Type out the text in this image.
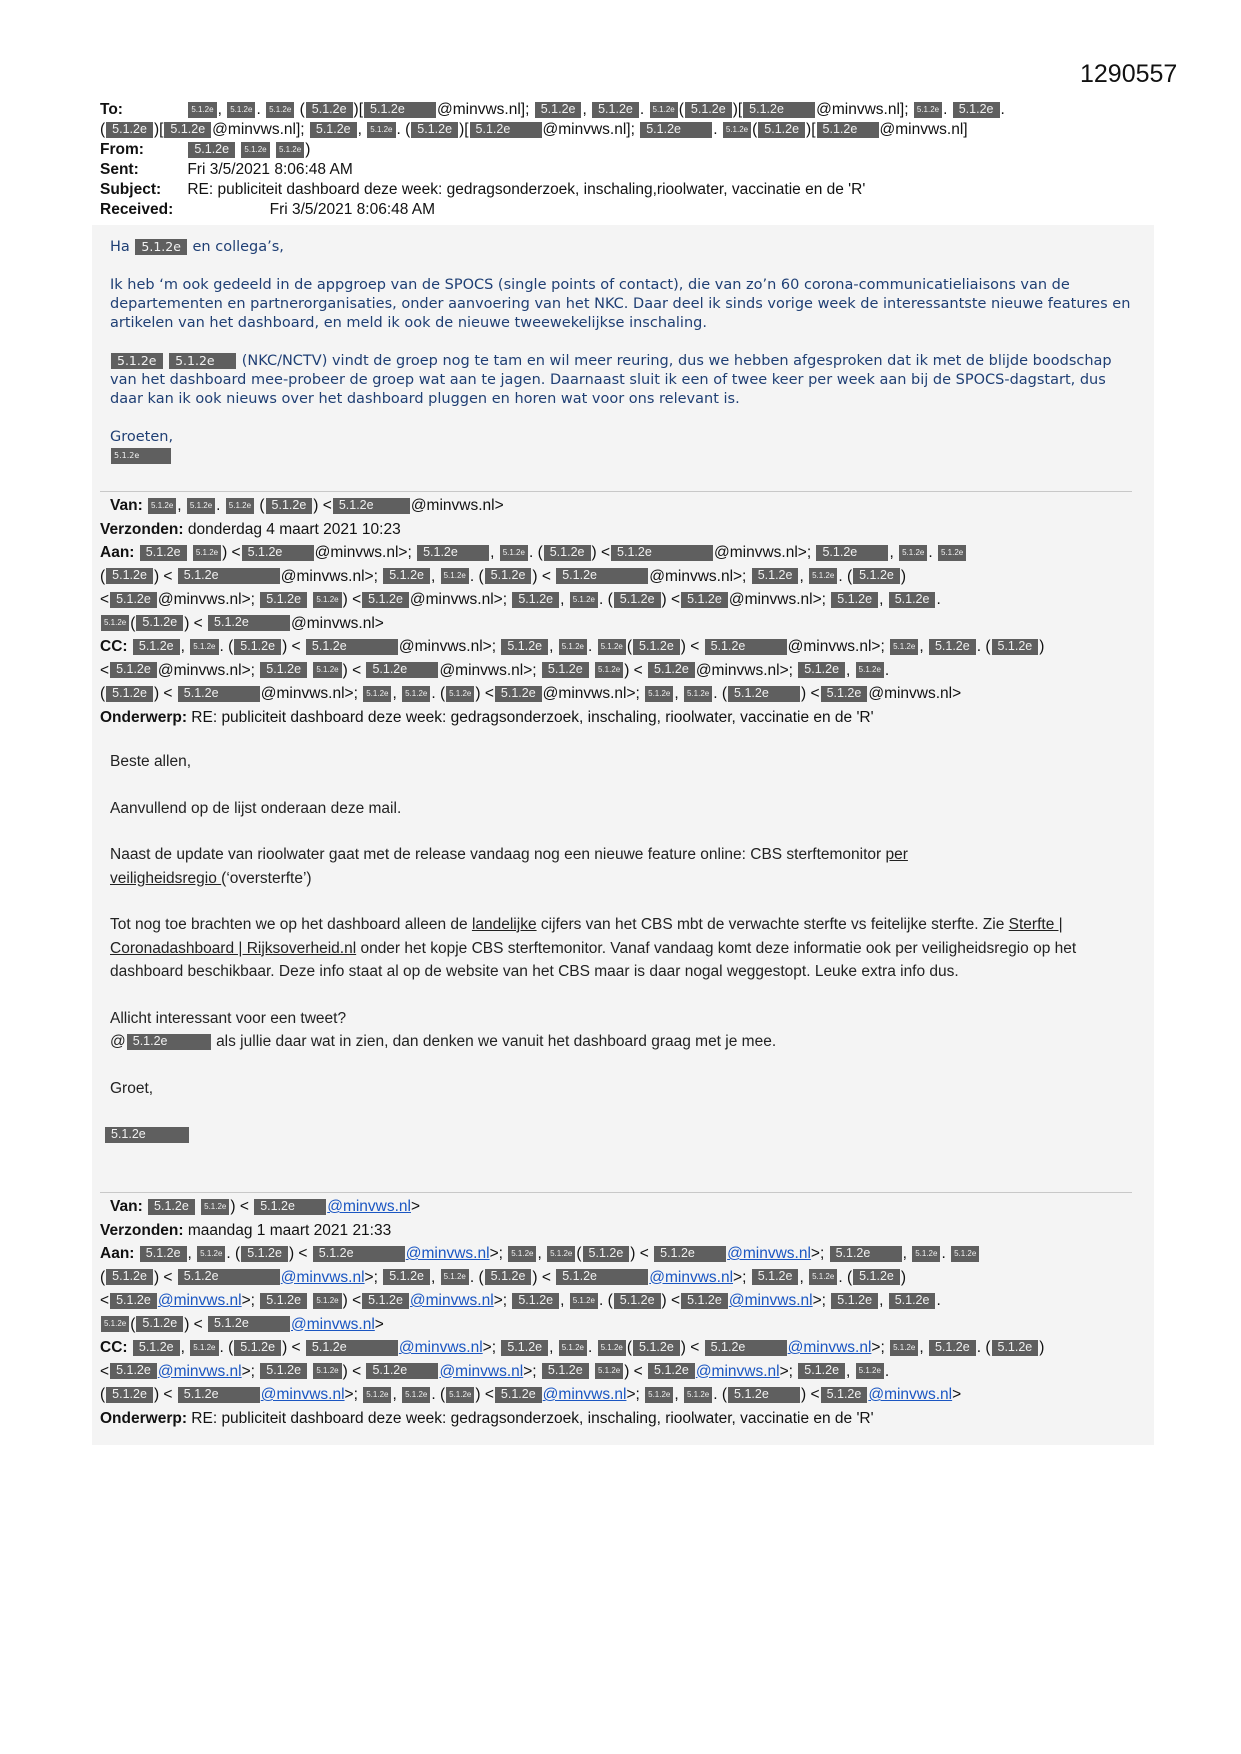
1290557
To:	5.1.2e , 5.1.2e . 5.1.2e ( 5.1.2e )[ 5.1.2e @minvws.nl]; 5.1.2e , 5.1.2e . 5.1.2e ( 5.1.2e )[ 5.1.2e @minvws.nl]; 5.1.2e . 5.1.2e .
( 5.1.2e )[ 5.1.2e @minvws.nl]; 5.1.2e , 5.1.2e . ( 5.1.2e )[ 5.1.2e @minvws.nl]; 5.1.2e . 5.1.2e ( 5.1.2e )[ 5.1.2e @minvws.nl]
From:	5.1.2e 5.1.2e 5.1.2e )
Sent:	Fri 3/5/2021 8:06:48 AM
Subject: RE: publiciteit dashboard deze week: gedragsonderzoek, inschaling,rioolwater, vaccinatie en de 'R'
Received:	Fri 3/5/2021 8:06:48 AM

Ha 5.1.2e en collega’s,

Ik heb ‘m ook gedeeld in de appgroep van de SPOCS (single points of contact), die van zo’n 60 corona-communicatieliaisons van de departementen en partnerorganisaties, onder aanvoering van het NKC. Daar deel ik sinds vorige week de interessantste nieuwe features en artikelen van het dashboard, en meld ik ook de nieuwe tweewekelijkse inschaling.

5.1.2e 5.1.2e (NKC/NCTV) vindt de groep nog te tam en wil meer reuring, dus we hebben afgesproken dat ik met de blijde boodschap van het dashboard mee-probeer de groep wat aan te jagen. Daarnaast sluit ik een of twee keer per week aan bij de SPOCS-dagstart, dus daar kan ik ook nieuws over het dashboard pluggen en horen wat voor ons relevant is.

Groeten,

5.1.2e
Van: 5.1.2e , 5.1.2e . 5.1.2e ( 5.1.2e ) < 5.1.2e @minvws.nl>
Verzonden: donderdag 4 maart 2021 10:23
Aan: 5.1.2e 5.1.2e ) < 5.1.2e @minvws.nl>; 5.1.2e , 5.1.2e . ( 5.1.2e ) < 5.1.2e	@minvws.nl>; 5.1.2e , 5.1.2e . 5.1.2e
( 5.1.2e ) < 5.1.2e	@minvws.nl>; 5.1.2e , 5.1.2e . ( 5.1.2e ) < 5.1.2e	@minvws.nl>; 5.1.2e , 5.1.2e . ( 5.1.2e )
< 5.1.2e @minvws.nl>; 5.1.2e 5.1.2e ) < 5.1.2e @minvws.nl>; 5.1.2e , 5.1.2e . ( 5.1.2e ) < 5.1.2e @minvws.nl>; 5.1.2e , 5.1.2e .
5.1.2e ( 5.1.2e ) < 5.1.2e	@minvws.nl>
CC: 5.1.2e , 5.1.2e . ( 5.1.2e ) < 5.1.2e	@minvws.nl>; 5.1.2e , 5.1.2e . 5.1.2e ( 5.1.2e ) < 5.1.2e	@minvws.nl>; 5.1.2e , 5.1.2e . ( 5.1.2e )
< 5.1.2e @minvws.nl>; 5.1.2e 5.1.2e ) < 5.1.2e @minvws.nl>; 5.1.2e 5.1.2e ) < 5.1.2e @minvws.nl>; 5.1.2e , 5.1.2e .
( 5.1.2e ) < 5.1.2e	@minvws.nl>; 5.1.2e , 5.1.2e . ( 5.1.2e ) < 5.1.2e @minvws.nl>; 5.1.2e , 5.1.2e . ( 5.1.2e ) < 5.1.2e @minvws.nl>
Onderwerp: RE: publiciteit dashboard deze week: gedragsonderzoek, inschaling, rioolwater, vaccinatie en de 'R'

Beste allen,

Aanvullend op de lijst onderaan deze mail.

Naast de update van rioolwater gaat met de release vandaag nog een nieuwe feature online: CBS sterftemonitor per
veiligheidsregio (‘oversterfte’)

Tot nog toe brachten we op het dashboard alleen de landelijke cijfers van het CBS mbt de verwachte sterfte vs feitelijke sterfte. Zie Sterfte | Coronadashboard | Rijksoverheid.nl onder het kopje CBS sterftemonitor. Vanaf vandaag komt deze informatie ook per veiligheidsregio op het dashboard beschikbaar. Deze info staat al op de website van het CBS maar is daar nogal weggestopt. Leuke extra info dus.

Allicht interessant voor een tweet?
@ 5.1.2e	als jullie daar wat in zien, dan denken we vanuit het dashboard graag met je mee.

Groet,

5.1.2e
Van: 5.1.2e 5.1.2e ) < 5.1.2e @minvws.nl>
Verzonden: maandag 1 maart 2021 21:33
Aan: 5.1.2e , 5.1.2e . ( 5.1.2e ) < 5.1.2e	@minvws.nl>; 5.1.2e , 5.1.2e ( 5.1.2e ) < 5.1.2e @minvws.nl>; 5.1.2e , 5.1.2e . 5.1.2e
( 5.1.2e ) < 5.1.2e	@minvws.nl>; 5.1.2e , 5.1.2e . ( 5.1.2e ) < 5.1.2e	@minvws.nl>; 5.1.2e , 5.1.2e . ( 5.1.2e )
< 5.1.2e @minvws.nl>; 5.1.2e 5.1.2e ) < 5.1.2e @minvws.nl>; 5.1.2e , 5.1.2e . ( 5.1.2e ) < 5.1.2e @minvws.nl>; 5.1.2e , 5.1.2e .
5.1.2e ( 5.1.2e ) < 5.1.2e	@minvws.nl>
CC: 5.1.2e , 5.1.2e . ( 5.1.2e ) < 5.1.2e	@minvws.nl>; 5.1.2e , 5.1.2e . 5.1.2e ( 5.1.2e ) < 5.1.2e	@minvws.nl>; 5.1.2e , 5.1.2e . ( 5.1.2e )
< 5.1.2e @minvws.nl>; 5.1.2e 5.1.2e ) < 5.1.2e @minvws.nl>; 5.1.2e 5.1.2e ) < 5.1.2e @minvws.nl>; 5.1.2e , 5.1.2e .
( 5.1.2e ) < 5.1.2e	@minvws.nl>; 5.1.2e , 5.1.2e . ( 5.1.2e ) < 5.1.2e @minvws.nl>; 5.1.2e , 5.1.2e . ( 5.1.2e ) < 5.1.2e @minvws.nl>
Onderwerp: RE: publiciteit dashboard deze week: gedragsonderzoek, inschaling, rioolwater, vaccinatie en de 'R'
